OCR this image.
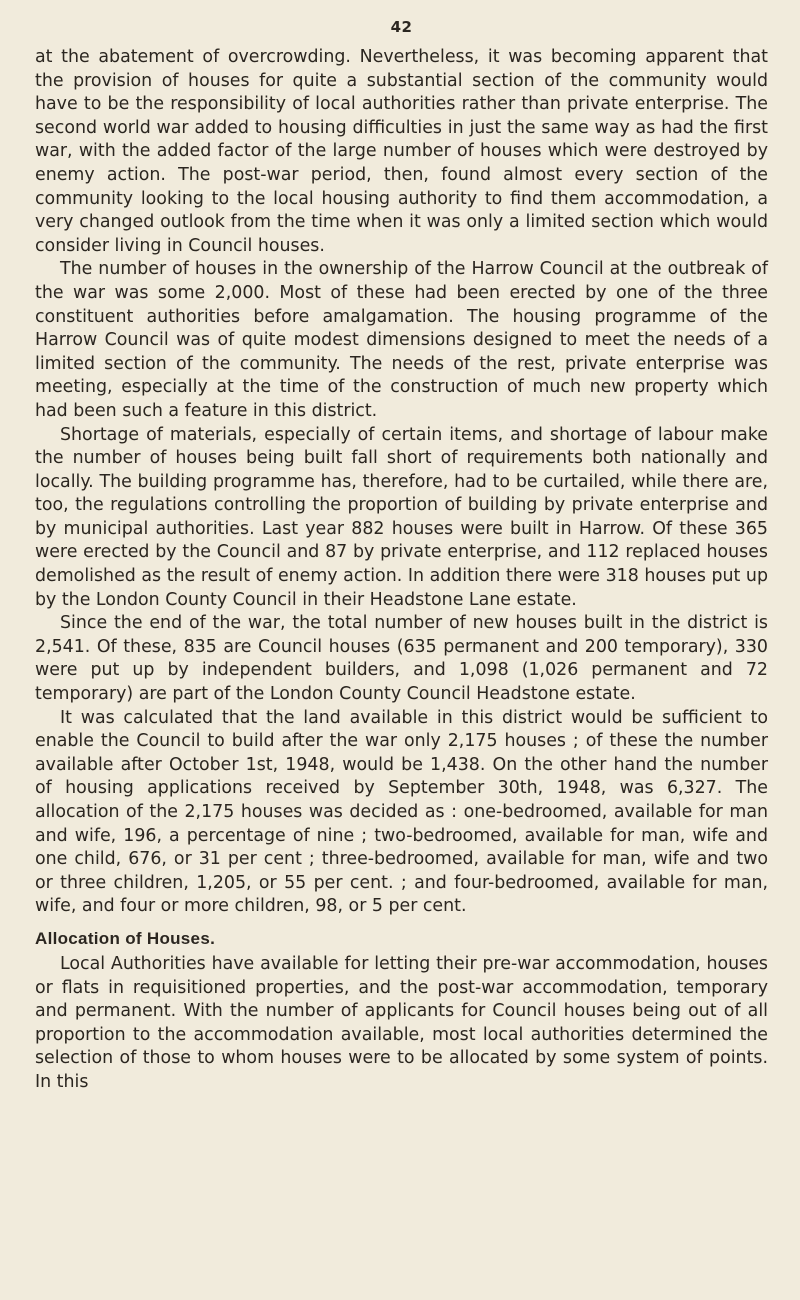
42

at the abatement of overcrowding. Nevertheless, it was becoming apparent that the provision of houses for quite a substantial section of the community would have to be the responsibility of local authorities rather than private enterprise. The second world war added to housing difficulties in just the same way as had the first war, with the added factor of the large number of houses which were destroyed by enemy action. The post-war period, then, found almost every section of the community looking to the local housing authority to find them accommodation, a very changed outlook from the time when it was only a limited section which would consider living in Council houses.

The number of houses in the ownership of the Harrow Council at the outbreak of the war was some 2,000. Most of these had been erected by one of the three constituent authorities before amalgamation. The housing programme of the Harrow Council was of quite modest dimensions designed to meet the needs of a limited section of the community. The needs of the rest, private enterprise was meeting, especially at the time of the construction of much new property which had been such a feature in this district.

Shortage of materials, especially of certain items, and shortage of labour make the number of houses being built fall short of requirements both nationally and locally. The building programme has, therefore, had to be curtailed, while there are, too, the regulations controlling the proportion of building by private enterprise and by municipal authorities. Last year 882 houses were built in Harrow. Of these 365 were erected by the Council and 87 by private enterprise, and 112 replaced houses demolished as the result of enemy action. In addition there were 318 houses put up by the London County Council in their Headstone Lane estate.

Since the end of the war, the total number of new houses built in the district is 2,541. Of these, 835 are Council houses (635 permanent and 200 temporary), 330 were put up by independent builders, and 1,098 (1,026 permanent and 72 temporary) are part of the London County Council Headstone estate.

It was calculated that the land available in this district would be sufficient to enable the Council to build after the war only 2,175 houses ; of these the number available after October 1st, 1948, would be 1,438. On the other hand the number of housing applications received by September 30th, 1948, was 6,327. The allocation of the 2,175 houses was decided as : one-bedroomed, available for man and wife, 196, a percentage of nine ; two-bedroomed, available for man, wife and one child, 676, or 31 per cent ; three-bedroomed, available for man, wife and two or three children, 1,205, or 55 per cent. ; and four-bedroomed, available for man, wife, and four or more children, 98, or 5 per cent.

Allocation of Houses.

Local Authorities have available for letting their pre-war accommodation, houses or flats in requisitioned properties, and the post-war accommodation, temporary and permanent. With the number of applicants for Council houses being out of all proportion to the accommodation available, most local authorities determined the selection of those to whom houses were to be allocated by some system of points. In this
